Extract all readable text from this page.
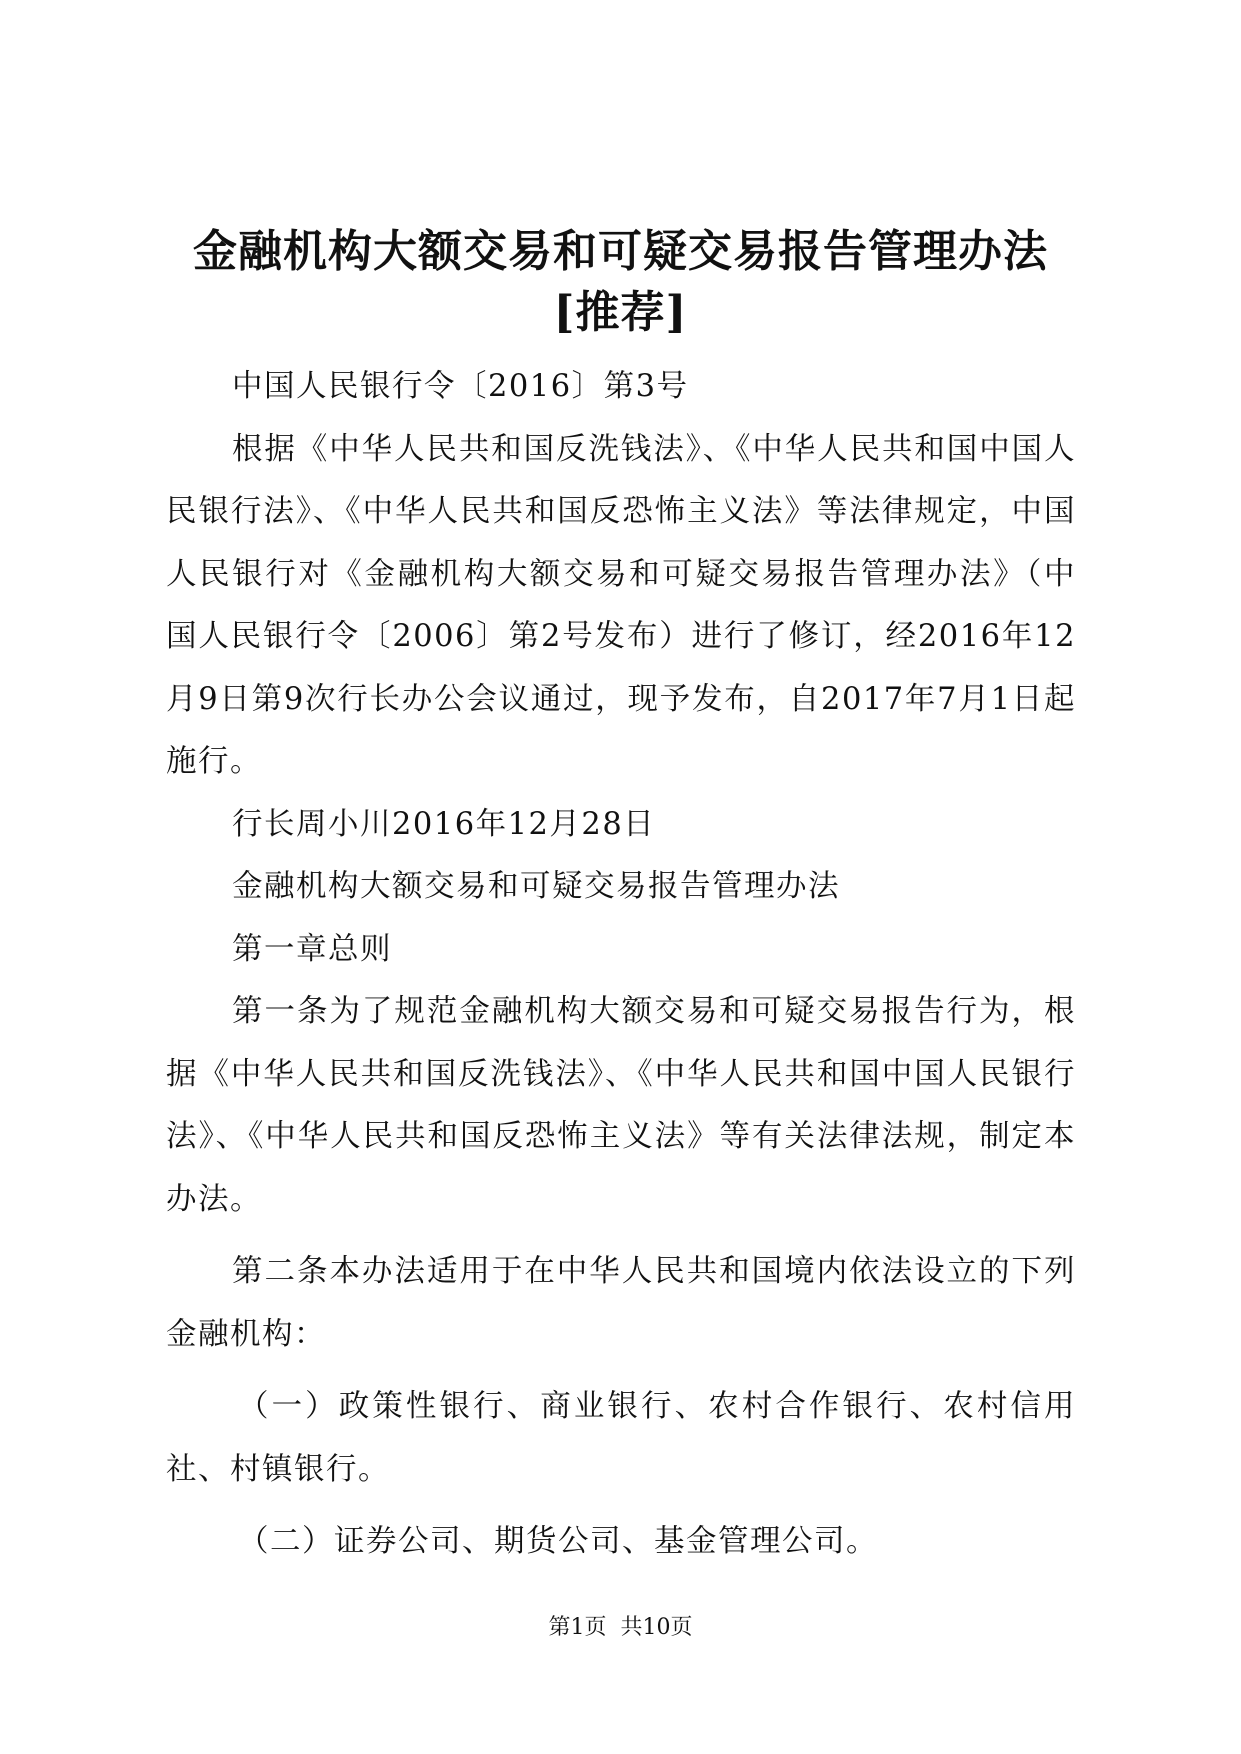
金融机构大额交易和可疑交易报告管理办法
[推荐]

中国人民银行令〔2016〕第3号

根据《中华人民共和国反洗钱法》、《中华人民共和国中国人民银行法》、《中华人民共和国反恐怖主义法》等法律规定，中国人民银行对《金融机构大额交易和可疑交易报告管理办法》（中国人民银行令〔2006〕第2号发布）进行了修订，经2016年12月9日第9次行长办公会议通过，现予发布，自2017年7月1日起施行。

行长周小川2016年12月28日

金融机构大额交易和可疑交易报告管理办法

第一章总则

第一条为了规范金融机构大额交易和可疑交易报告行为，根据《中华人民共和国反洗钱法》、《中华人民共和国中国人民银行法》、《中华人民共和国反恐怖主义法》等有关法律法规，制定本办法。

第二条本办法适用于在中华人民共和国境内依法设立的下列金融机构：

（一）政策性银行、商业银行、农村合作银行、农村信用社、村镇银行。

（二）证券公司、期货公司、基金管理公司。

第1页 共10页
